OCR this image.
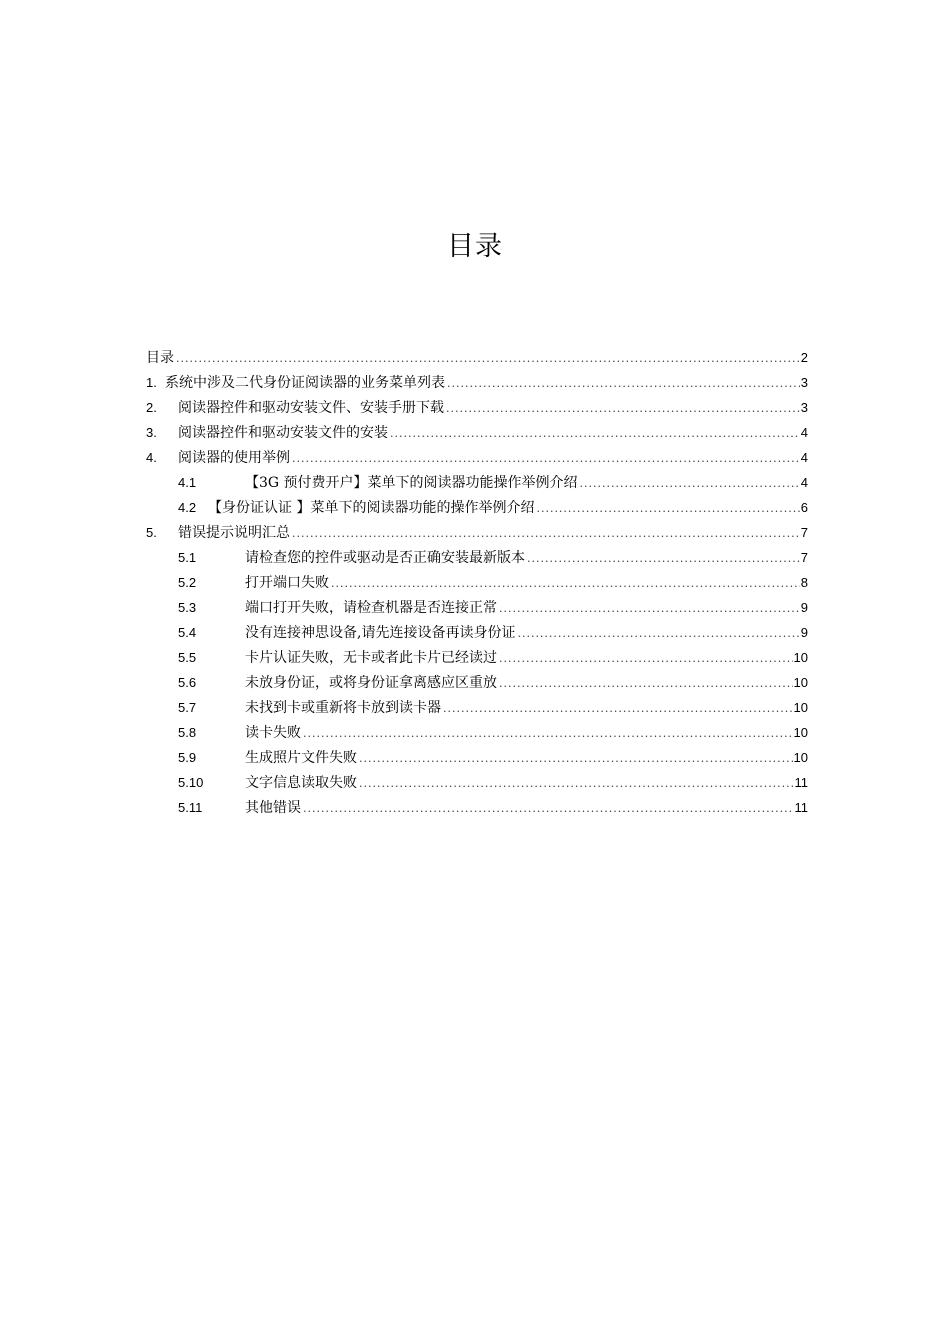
目录
目录 .....	2
1. 系统中涉及二代身份证阅读器的业务菜单列表 .....	3
2. 阅读器控件和驱动安装文件、安装手册下载 .....	3
3. 阅读器控件和驱动安装文件的安装 .....	4
4. 阅读器的使用举例 .....	4
4.1	【3G 预付费开户】菜单下的阅读器功能操作举例介绍 .....	4
4.2 【身份证认证 】菜单下的阅读器功能的操作举例介绍 .....	6
5. 错误提示说明汇总 .....	7
5.1	请检查您的控件或驱动是否正确安装最新版本 .....	7
5.2	打开端口失败 .....	8
5.3	端口打开失败，请检查机器是否连接正常 .....	9
5.4	没有连接神思设备,请先连接设备再读身份证 .....	9
5.5	卡片认证失败，无卡或者此卡片已经读过 .....	10
5.6	未放身份证，或将身份证拿离感应区重放 .....	10
5.7	未找到卡或重新将卡放到读卡器 .....	10
5.8	读卡失败 .....	10
5.9	生成照片文件失败 .....	10
5.10	文字信息读取失败 .....	11
5.11	其他错误 .....	11
